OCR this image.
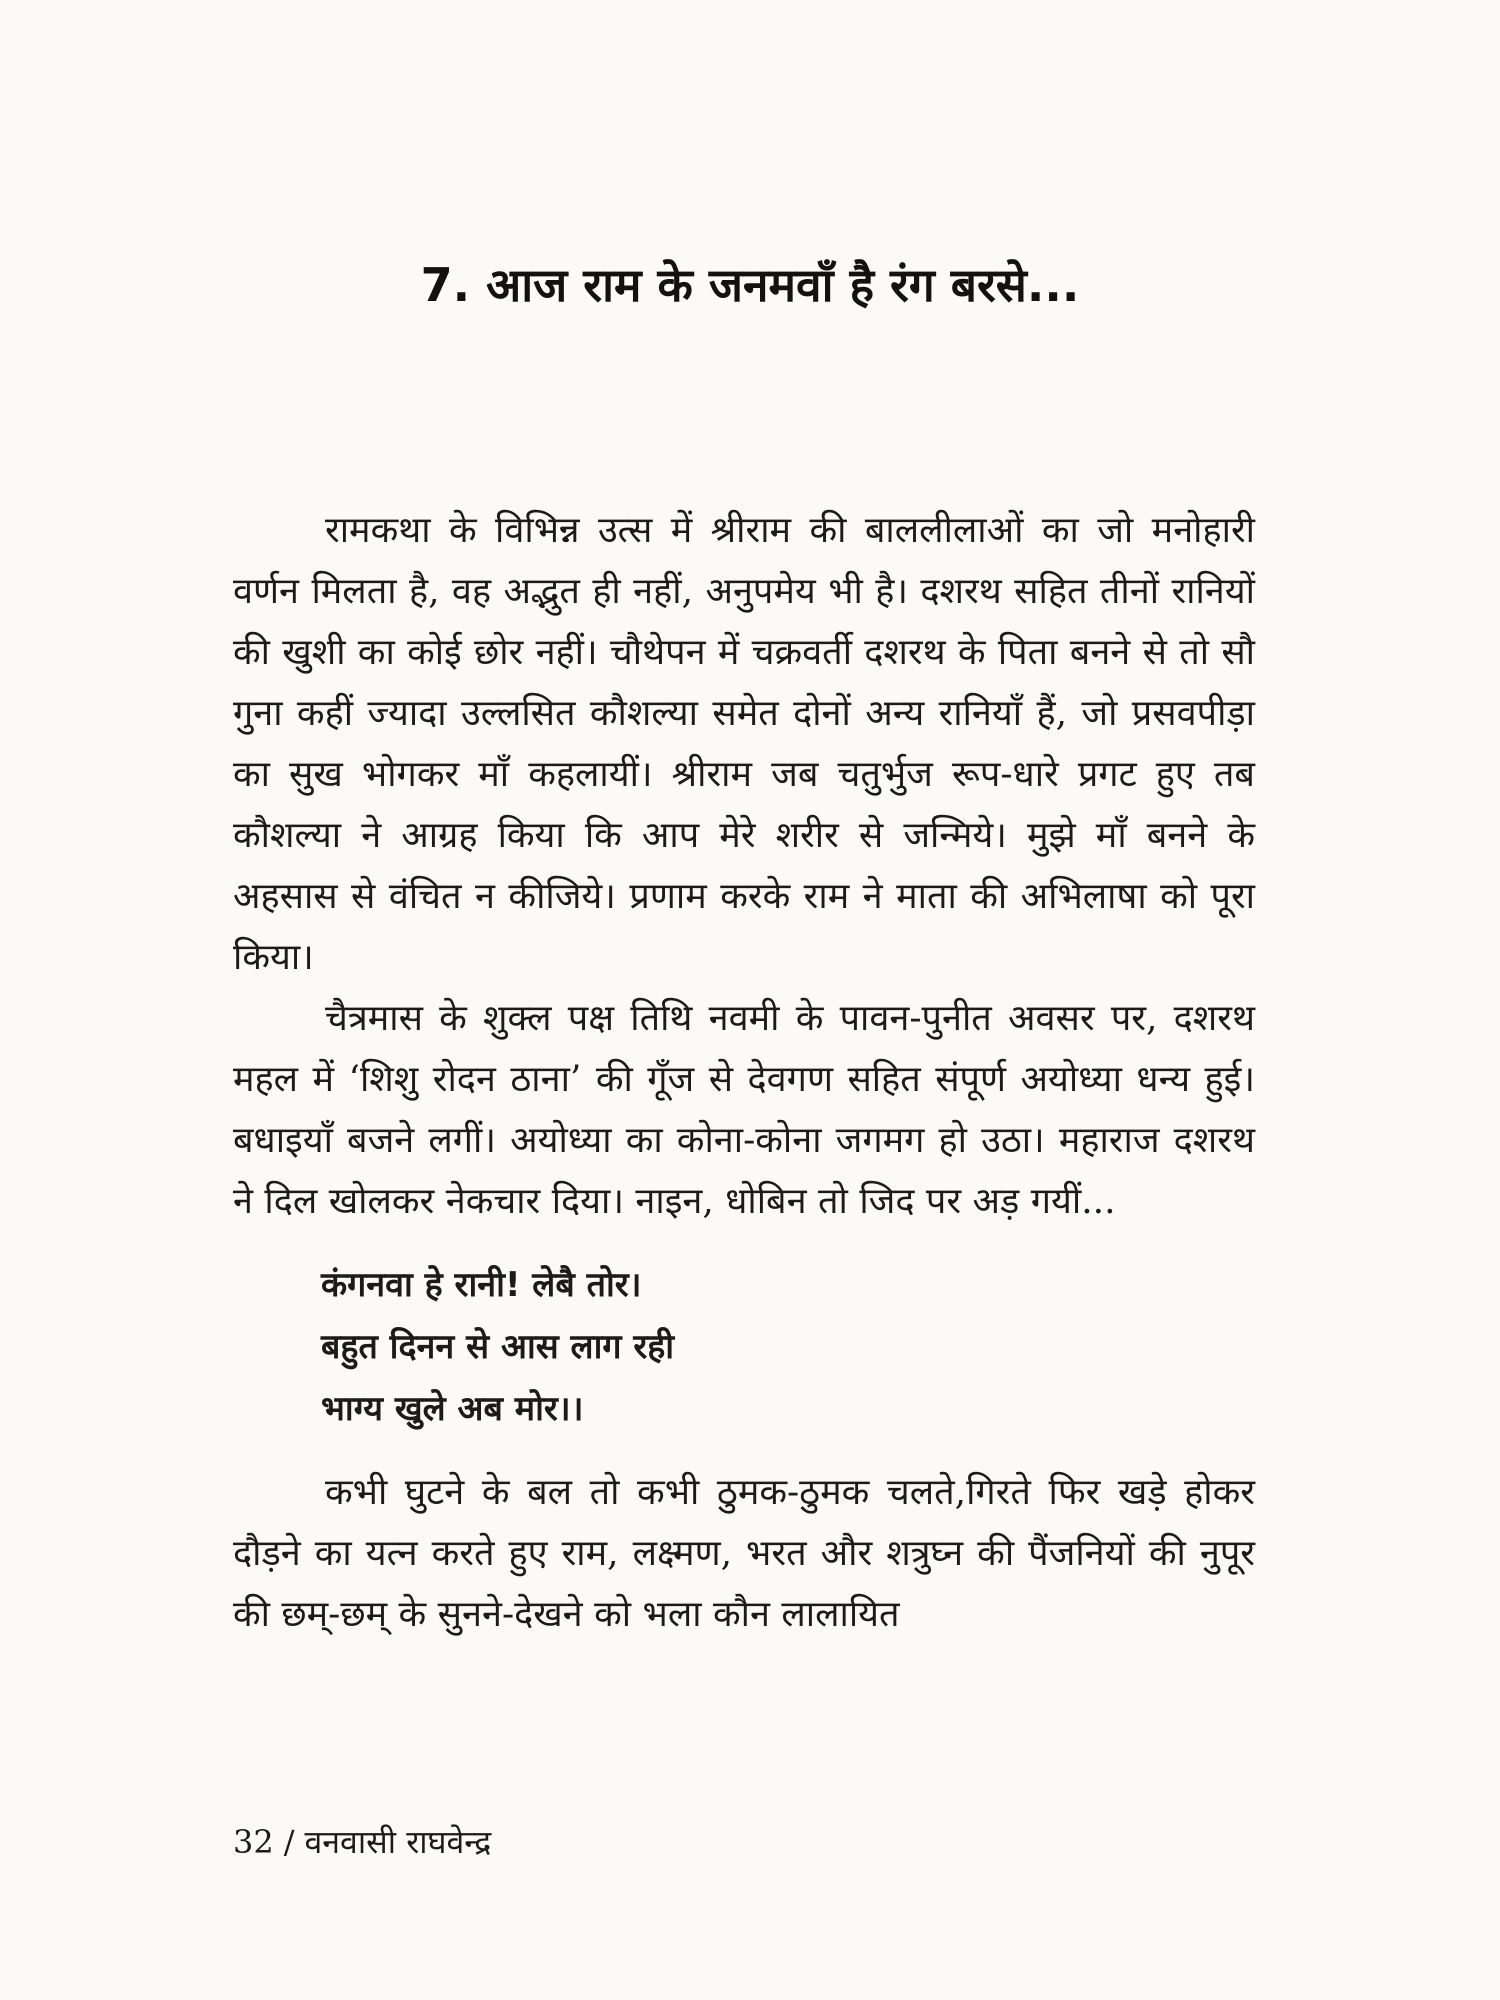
7. आज राम के जनमवाँ है रंग बरसे...

रामकथा के विभिन्न उत्स में श्रीराम की बाललीलाओं का जो मनोहारी वर्णन मिलता है, वह अद्भुत ही नहीं, अनुपमेय भी है। दशरथ सहित तीनों रानियों की खुशी का कोई छोर नहीं। चौथेपन में चक्रवर्ती दशरथ के पिता बनने से तो सौ गुना कहीं ज्यादा उल्लसित कौशल्या समेत दोनों अन्य रानियाँ हैं, जो प्रसवपीड़ा का सुख भोगकर माँ कहलायीं। श्रीराम जब चतुर्भुज रूप-धारे प्रगट हुए तब कौशल्या ने आग्रह किया कि आप मेरे शरीर से जन्मिये। मुझे माँ बनने के अहसास से वंचित न कीजिये। प्रणाम करके राम ने माता की अभिलाषा को पूरा किया।

चैत्रमास के शुक्ल पक्ष तिथि नवमी के पावन-पुनीत अवसर पर, दशरथ महल में ‘शिशु रोदन ठाना’ की गूँज से देवगण सहित संपूर्ण अयोध्या धन्य हुई। बधाइयाँ बजने लगीं। अयोध्या का कोना-कोना जगमग हो उठा। महाराज दशरथ ने दिल खोलकर नेकचार दिया। नाइन, धोबिन तो जिद पर अड़ गयीं...

कंगनवा हे रानी! लेबै तोर।
बहुत दिनन से आस लाग रही
भाग्य खुले अब मोर।।

कभी घुटने के बल तो कभी ठुमक-ठुमक चलते,गिरते फिर खड़े होकर दौड़ने का यत्न करते हुए राम, लक्ष्मण, भरत और शत्रुघ्न की पैंजनियों की नुपूर की छम्-छम् के सुनने-देखने को भला कौन लालायित

32 / वनवासी राघवेन्द्र
